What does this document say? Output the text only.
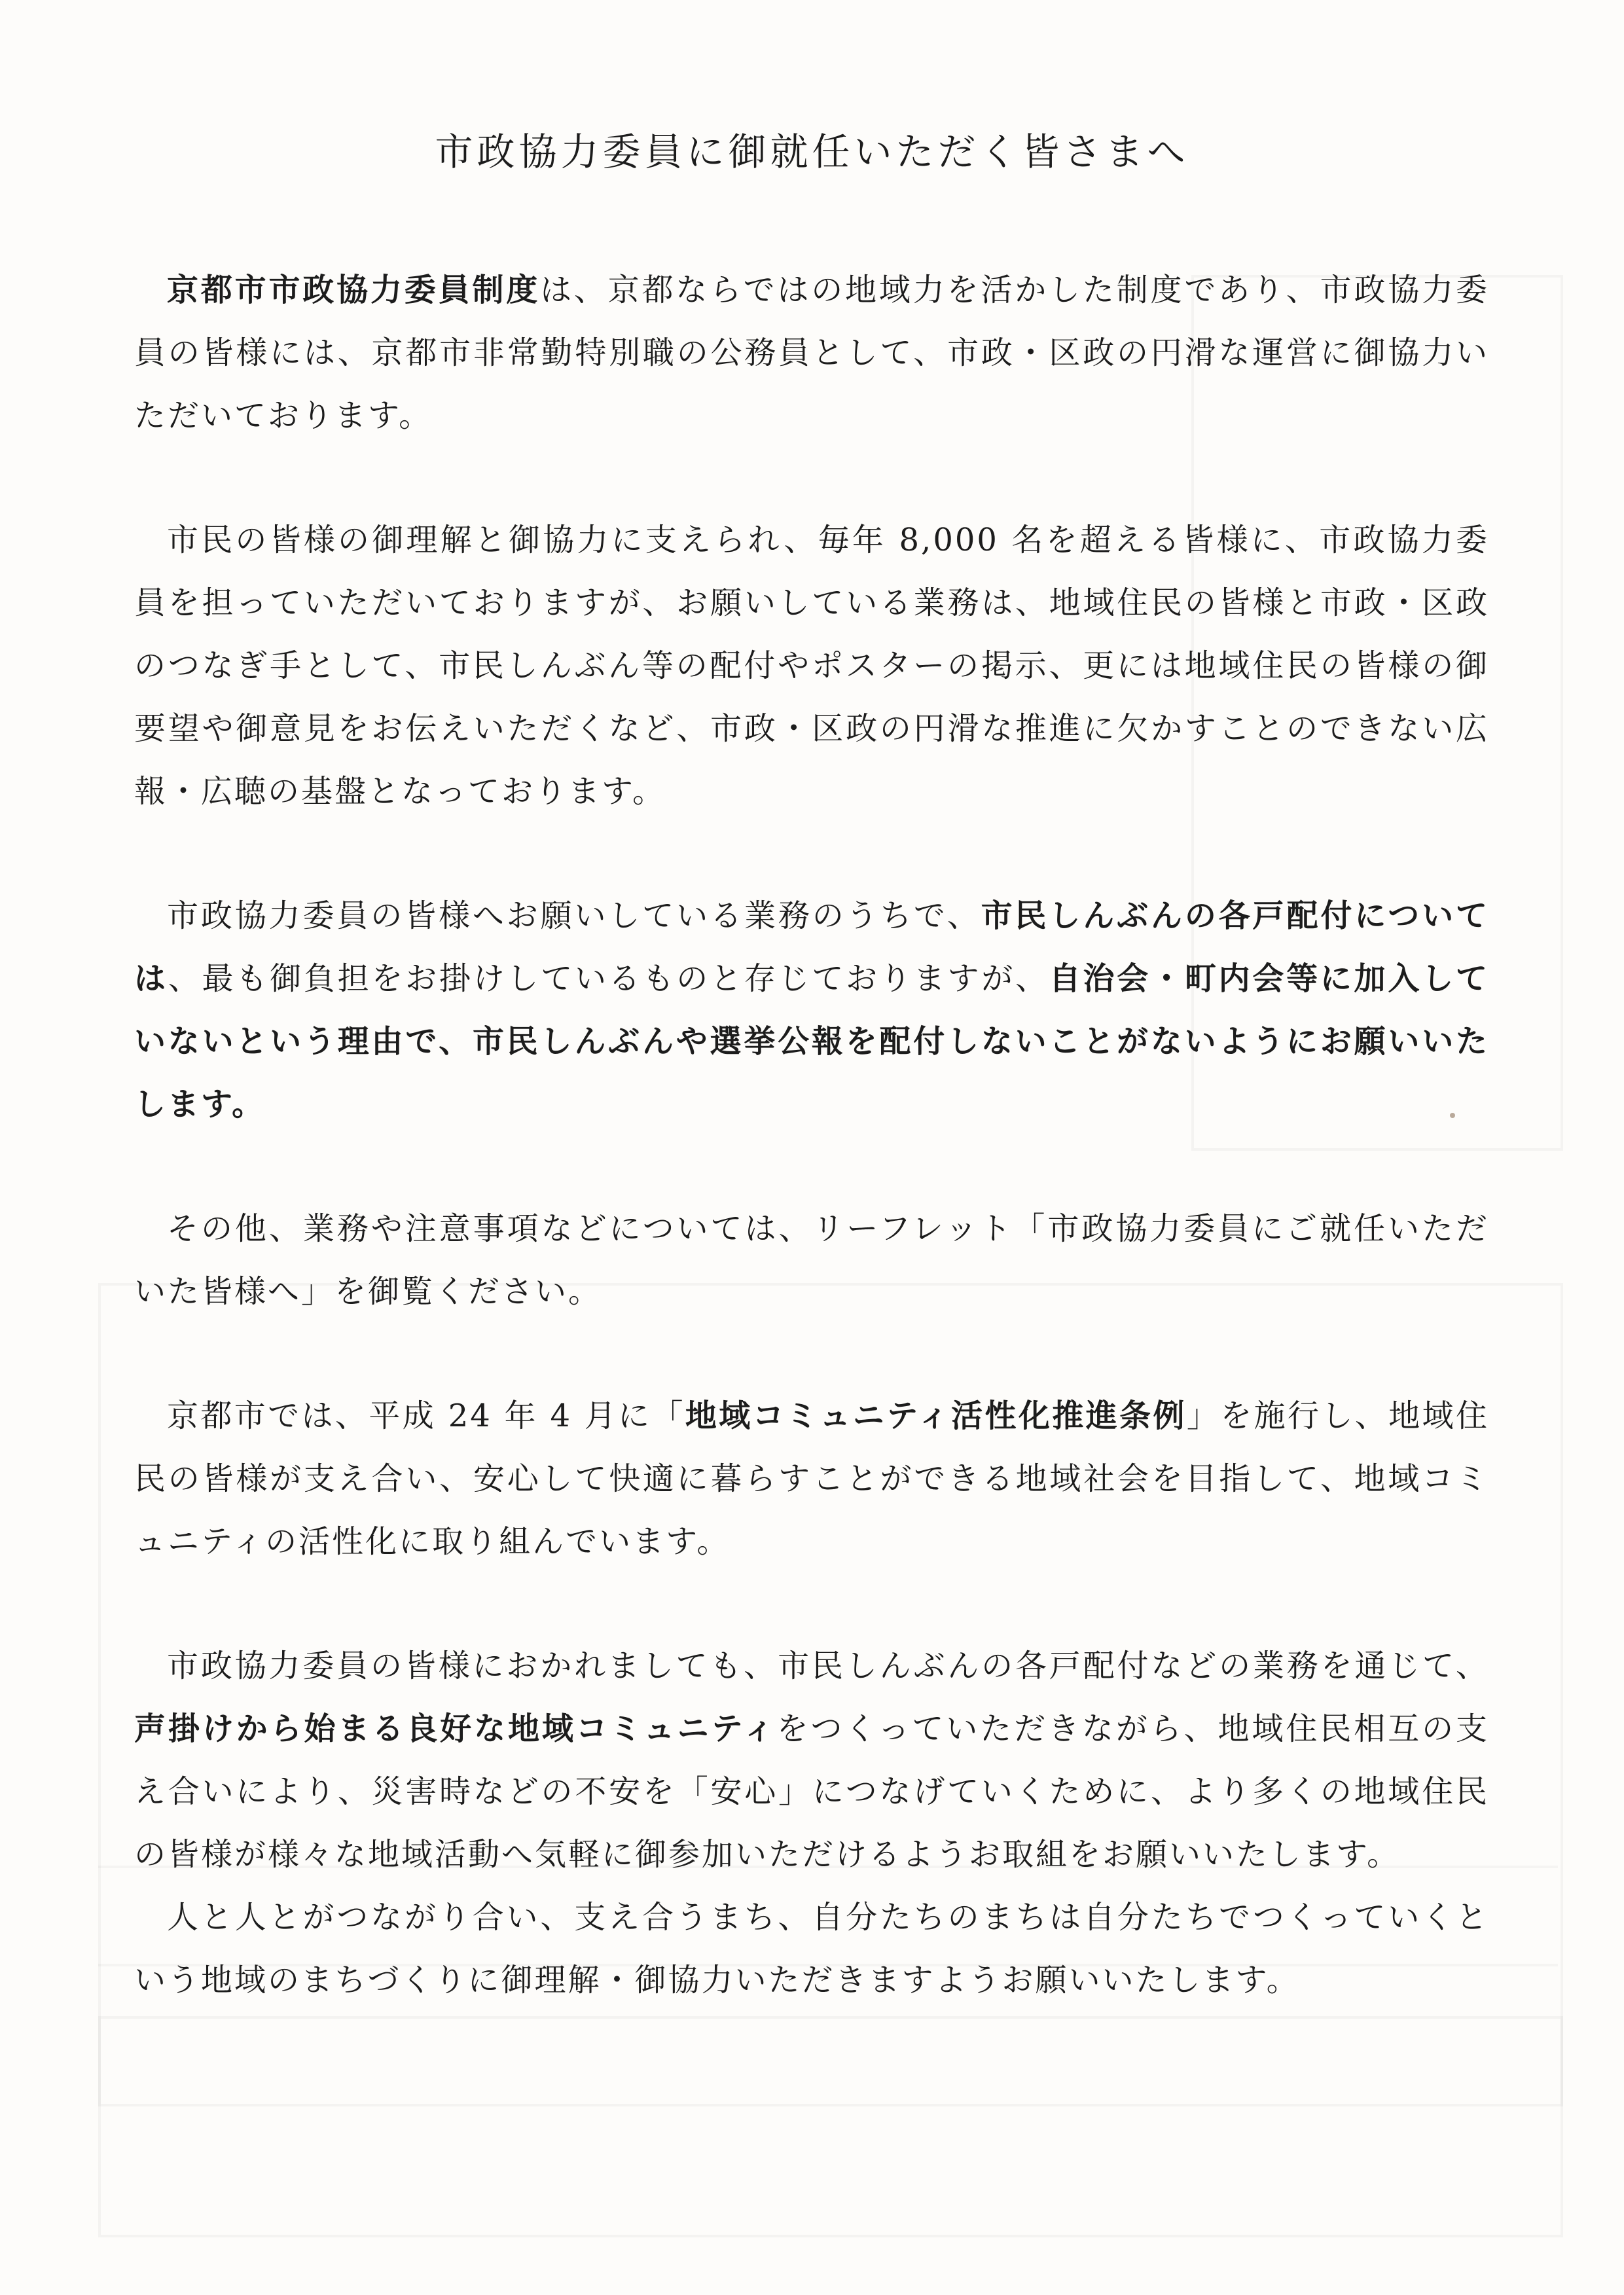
市政協力委員に御就任いただく皆さまへ

京都市市政協力委員制度は、京都ならではの地域力を活かした制度であり、市政協力委員の皆様には、京都市非常勤特別職の公務員として、市政・区政の円滑な運営に御協力いただいております。

市民の皆様の御理解と御協力に支えられ、毎年 8,000 名を超える皆様に、市政協力委員を担っていただいておりますが、お願いしている業務は、地域住民の皆様と市政・区政のつなぎ手として、市民しんぶん等の配付やポスターの掲示、更には地域住民の皆様の御要望や御意見をお伝えいただくなど、市政・区政の円滑な推進に欠かすことのできない広報・広聴の基盤となっております。

市政協力委員の皆様へお願いしている業務のうちで、市民しんぶんの各戸配付については、最も御負担をお掛けしているものと存じておりますが、自治会・町内会等に加入していないという理由で、市民しんぶんや選挙公報を配付しないことがないようにお願いいたします。

その他、業務や注意事項などについては、リーフレット「市政協力委員にご就任いただいた皆様へ」を御覧ください。

京都市では、平成 24 年 4 月に「地域コミュニティ活性化推進条例」を施行し、地域住民の皆様が支え合い、安心して快適に暮らすことができる地域社会を目指して、地域コミュニティの活性化に取り組んでいます。

市政協力委員の皆様におかれましても、市民しんぶんの各戸配付などの業務を通じて、声掛けから始まる良好な地域コミュニティをつくっていただきながら、地域住民相互の支え合いにより、災害時などの不安を「安心」につなげていくために、より多くの地域住民の皆様が様々な地域活動へ気軽に御参加いただけるようお取組をお願いいたします。

人と人とがつながり合い、支え合うまち、自分たちのまちは自分たちでつくっていくという地域のまちづくりに御理解・御協力いただきますようお願いいたします。
